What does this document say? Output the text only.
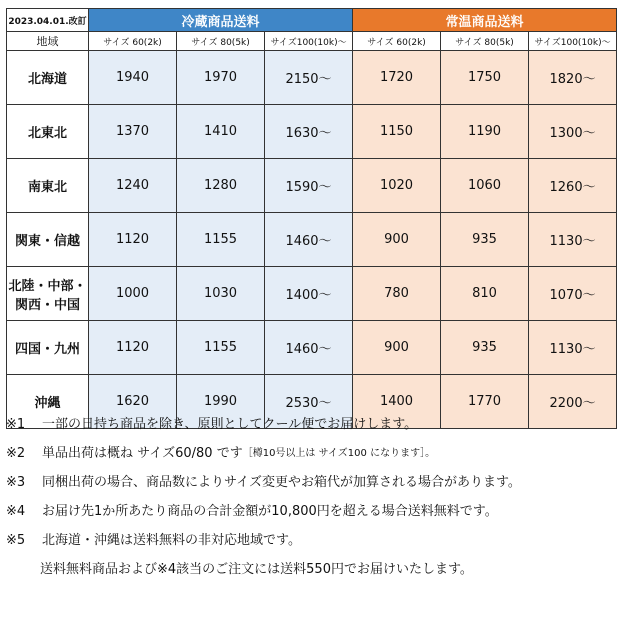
2023.04.01.改訂	冷蔵商品送料			常温商品送料		
地域	サイズ 60(2k)	サイズ 80(5k)	サイズ100(10k)～	サイズ 60(2k)	サイズ 80(5k)	サイズ100(10k)～

北海道	1940	1970	2150～	1720	1750	1820～

北東北	1370	1410	1630～	1150	1190	1300～

南東北	1240	1280	1590～	1020	1060	1260～

関東・信越	1120	1155	1460～	900	935	1130～

北陸・中部・
関西・中国	1000	1030	1400～	780	810	1070～

四国・九州	1120	1155	1460～	900	935	1130～

沖縄	1620	1990	2530～	1400	1770	2200～
※1	一部の日持ち商品を除き、原則としてクール便でお届けします。
※2	単品出荷は概ね サイズ60/80 です ［樽10号以上は サイズ100 になります］。
※3	同梱出荷の場合、商品数によりサイズ変更やお箱代が加算される場合があります。
※4	お届け先1か所あたり商品の合計金額が10,800円を超える場合送料無料です。
※5	北海道・沖縄は送料無料の非対応地域です。
送料無料商品および※4該当のご注文には送料550円でお届けいたします。
